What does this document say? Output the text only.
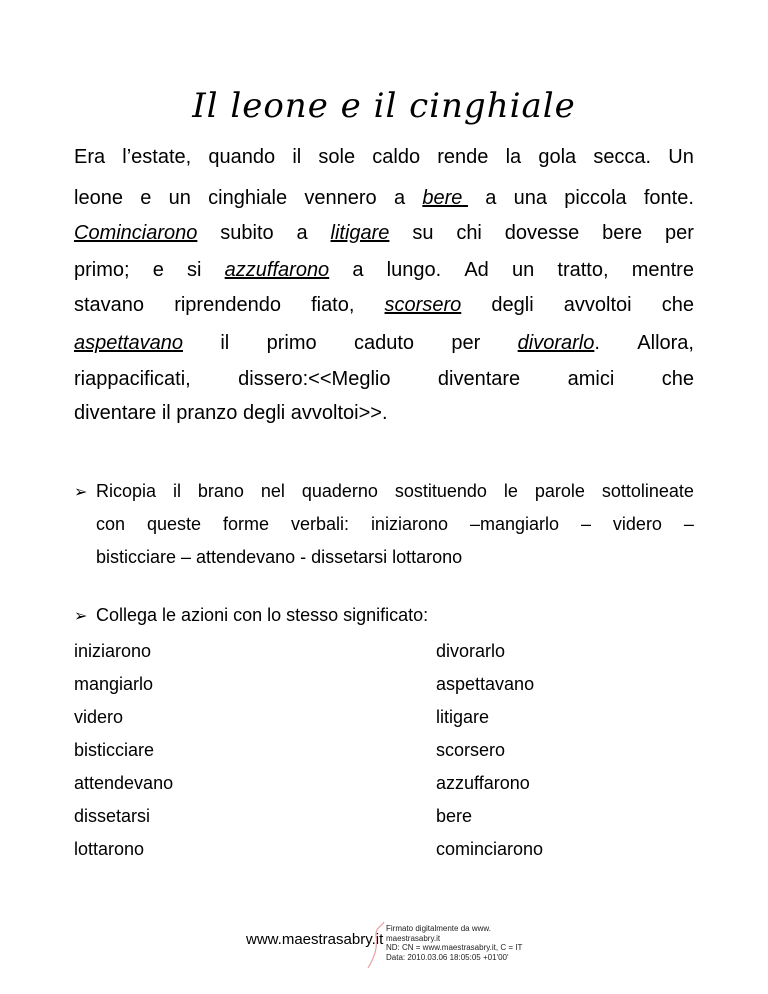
Il leone e il cinghiale
Era l’estate, quando il sole caldo rende la gola secca. Un
leone e un cinghiale vennero a bere a una piccola fonte.
Cominciarono subito a litigare su chi dovesse bere per
primo; e si azzuffarono a lungo. Ad un tratto, mentre
stavano riprendendo fiato, scorsero degli avvoltoi che
aspettavano il primo caduto per divorarlo. Allora,
riappacificati, dissero:<<Meglio diventare amici che
diventare il pranzo degli avvoltoi>>.
➢ Ricopia il brano nel quaderno sostituendo le parole sottolineate
con queste forme verbali: iniziarono –mangiarlo – videro –
bisticciare – attendevano - dissetarsi lottarono
➢ Collega le azioni con lo stesso significato:
iniziarono	divorarlo
mangiarlo	aspettavano
videro	litigare
bisticciare	scorsero
attendevano	azzuffarono
dissetarsi	bere
lottarono	cominciarono
www.maestrasabry.it
Firmato digitalmente da www.
maestrasabry.it
ND: CN = www.maestrasabry.it, C = IT
Data: 2010.03.06 18:05:05 +01'00'
